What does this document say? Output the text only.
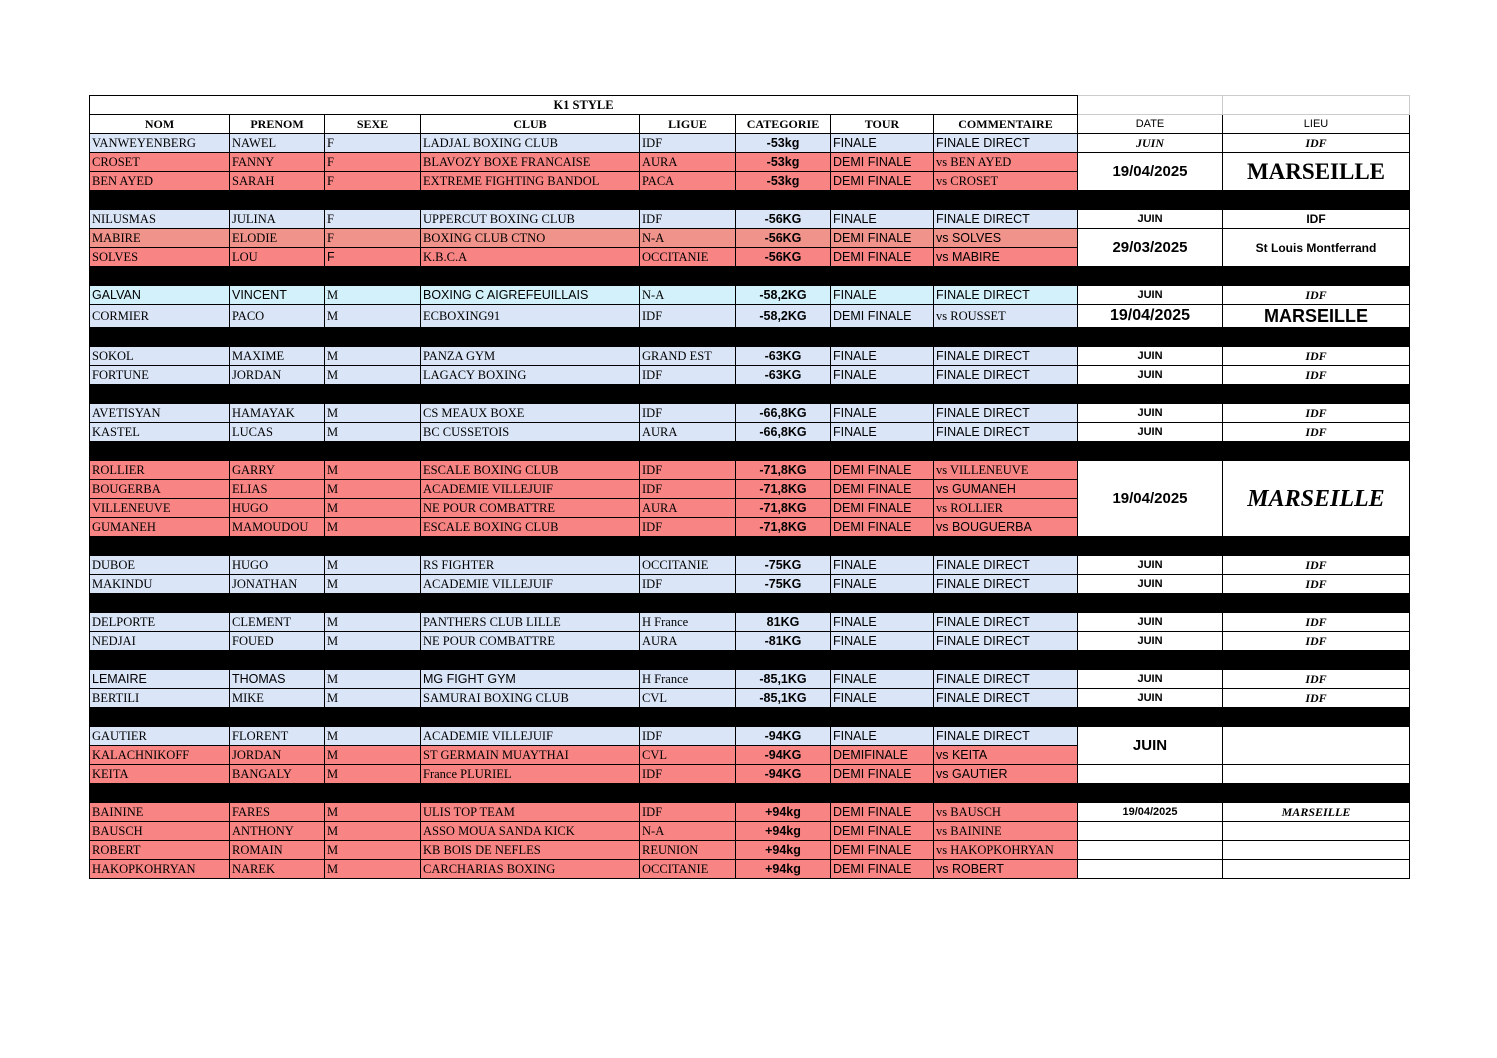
K1 STYLE									
NOM	PRENOM	SEXE	CLUB	LIGUE	CATEGORIE	TOUR	COMMENTAIRE	DATE	LIEU
VANWEYENBERG	NAWEL	F	LADJAL BOXING CLUB	IDF	-53kg	FINALE	FINALE DIRECT	JUIN	IDF
CROSET	FANNY	F	BLAVOZY BOXE FRANCAISE	AURA	-53kg	DEMI FINALE	vs BEN AYED	19/04/2025	MARSEILLE
BEN AYED	SARAH	F	EXTREME FIGHTING BANDOL	PACA	-53kg	DEMI FINALE	vs CROSET		

NILUSMAS	JULINA	F	UPPERCUT BOXING CLUB	IDF	-56KG	FINALE	FINALE DIRECT	JUIN	IDF
MABIRE	ELODIE	F	BOXING CLUB CTNO	N-A	-56KG	DEMI FINALE	vs SOLVES	29/03/2025	St Louis Montferrand
SOLVES	LOU	F	K.B.C.A	OCCITANIE	-56KG	DEMI FINALE	vs MABIRE		

GALVAN	VINCENT	M	BOXING C AIGREFEUILLAIS	N-A	-58,2KG	FINALE	FINALE DIRECT	JUIN	IDF
CORMIER	PACO	M	ECBOXING91	IDF	-58,2KG	DEMI FINALE	vs ROUSSET	19/04/2025	MARSEILLE

SOKOL	MAXIME	M	PANZA GYM	GRAND EST	-63KG	FINALE	FINALE DIRECT	JUIN	IDF
FORTUNE	JORDAN	M	LAGACY BOXING	IDF	-63KG	FINALE	FINALE DIRECT	JUIN	IDF

AVETISYAN	HAMAYAK	M	CS MEAUX BOXE	IDF	-66,8KG	FINALE	FINALE DIRECT	JUIN	IDF
KASTEL	LUCAS	M	BC CUSSETOIS	AURA	-66,8KG	FINALE	FINALE DIRECT	JUIN	IDF

ROLLIER	GARRY	M	ESCALE BOXING CLUB	IDF	-71,8KG	DEMI FINALE	vs VILLENEUVE	19/04/2025	MARSEILLE
BOUGERBA	ELIAS	M	ACADEMIE VILLEJUIF	IDF	-71,8KG	DEMI FINALE	vs GUMANEH		
VILLENEUVE	HUGO	M	NE POUR COMBATTRE	AURA	-71,8KG	DEMI FINALE	vs ROLLIER		
GUMANEH	MAMOUDOU	M	ESCALE BOXING CLUB	IDF	-71,8KG	DEMI FINALE	vs BOUGUERBA		

DUBOE	HUGO	M	RS FIGHTER	OCCITANIE	-75KG	FINALE	FINALE DIRECT	JUIN	IDF
MAKINDU	JONATHAN	M	ACADEMIE VILLEJUIF	IDF	-75KG	FINALE	FINALE DIRECT	JUIN	IDF

DELPORTE	CLEMENT	M	PANTHERS CLUB LILLE	H France	81KG	FINALE	FINALE DIRECT	JUIN	IDF
NEDJAI	FOUED	M	NE POUR COMBATTRE	AURA	-81KG	FINALE	FINALE DIRECT	JUIN	IDF

LEMAIRE	THOMAS	M	MG FIGHT GYM	H France	-85,1KG	FINALE	FINALE DIRECT	JUIN	IDF
BERTILI	MIKE	M	SAMURAI BOXING CLUB	CVL	-85,1KG	FINALE	FINALE DIRECT	JUIN	IDF

GAUTIER	FLORENT	M	ACADEMIE VILLEJUIF	IDF	-94KG	FINALE	FINALE DIRECT	JUIN	
KALACHNIKOFF	JORDAN	M	ST GERMAIN MUAYTHAI	CVL	-94KG	DEMIFINALE	vs KEITA		
KEITA	BANGALY	M	France PLURIEL	IDF	-94KG	DEMI FINALE	vs GAUTIER		

BAININE	FARES	M	ULIS TOP TEAM	IDF	+94kg	DEMI FINALE	vs BAUSCH	19/04/2025	MARSEILLE
BAUSCH	ANTHONY	M	ASSO MOUA SANDA KICK	N-A	+94kg	DEMI FINALE	vs BAININE		
ROBERT	ROMAIN	M	KB BOIS DE NEFLES	REUNION	+94kg	DEMI FINALE	vs HAKOPKOHRYAN		
HAKOPKOHRYAN	NAREK	M	CARCHARIAS BOXING	OCCITANIE	+94kg	DEMI FINALE	vs ROBERT		
